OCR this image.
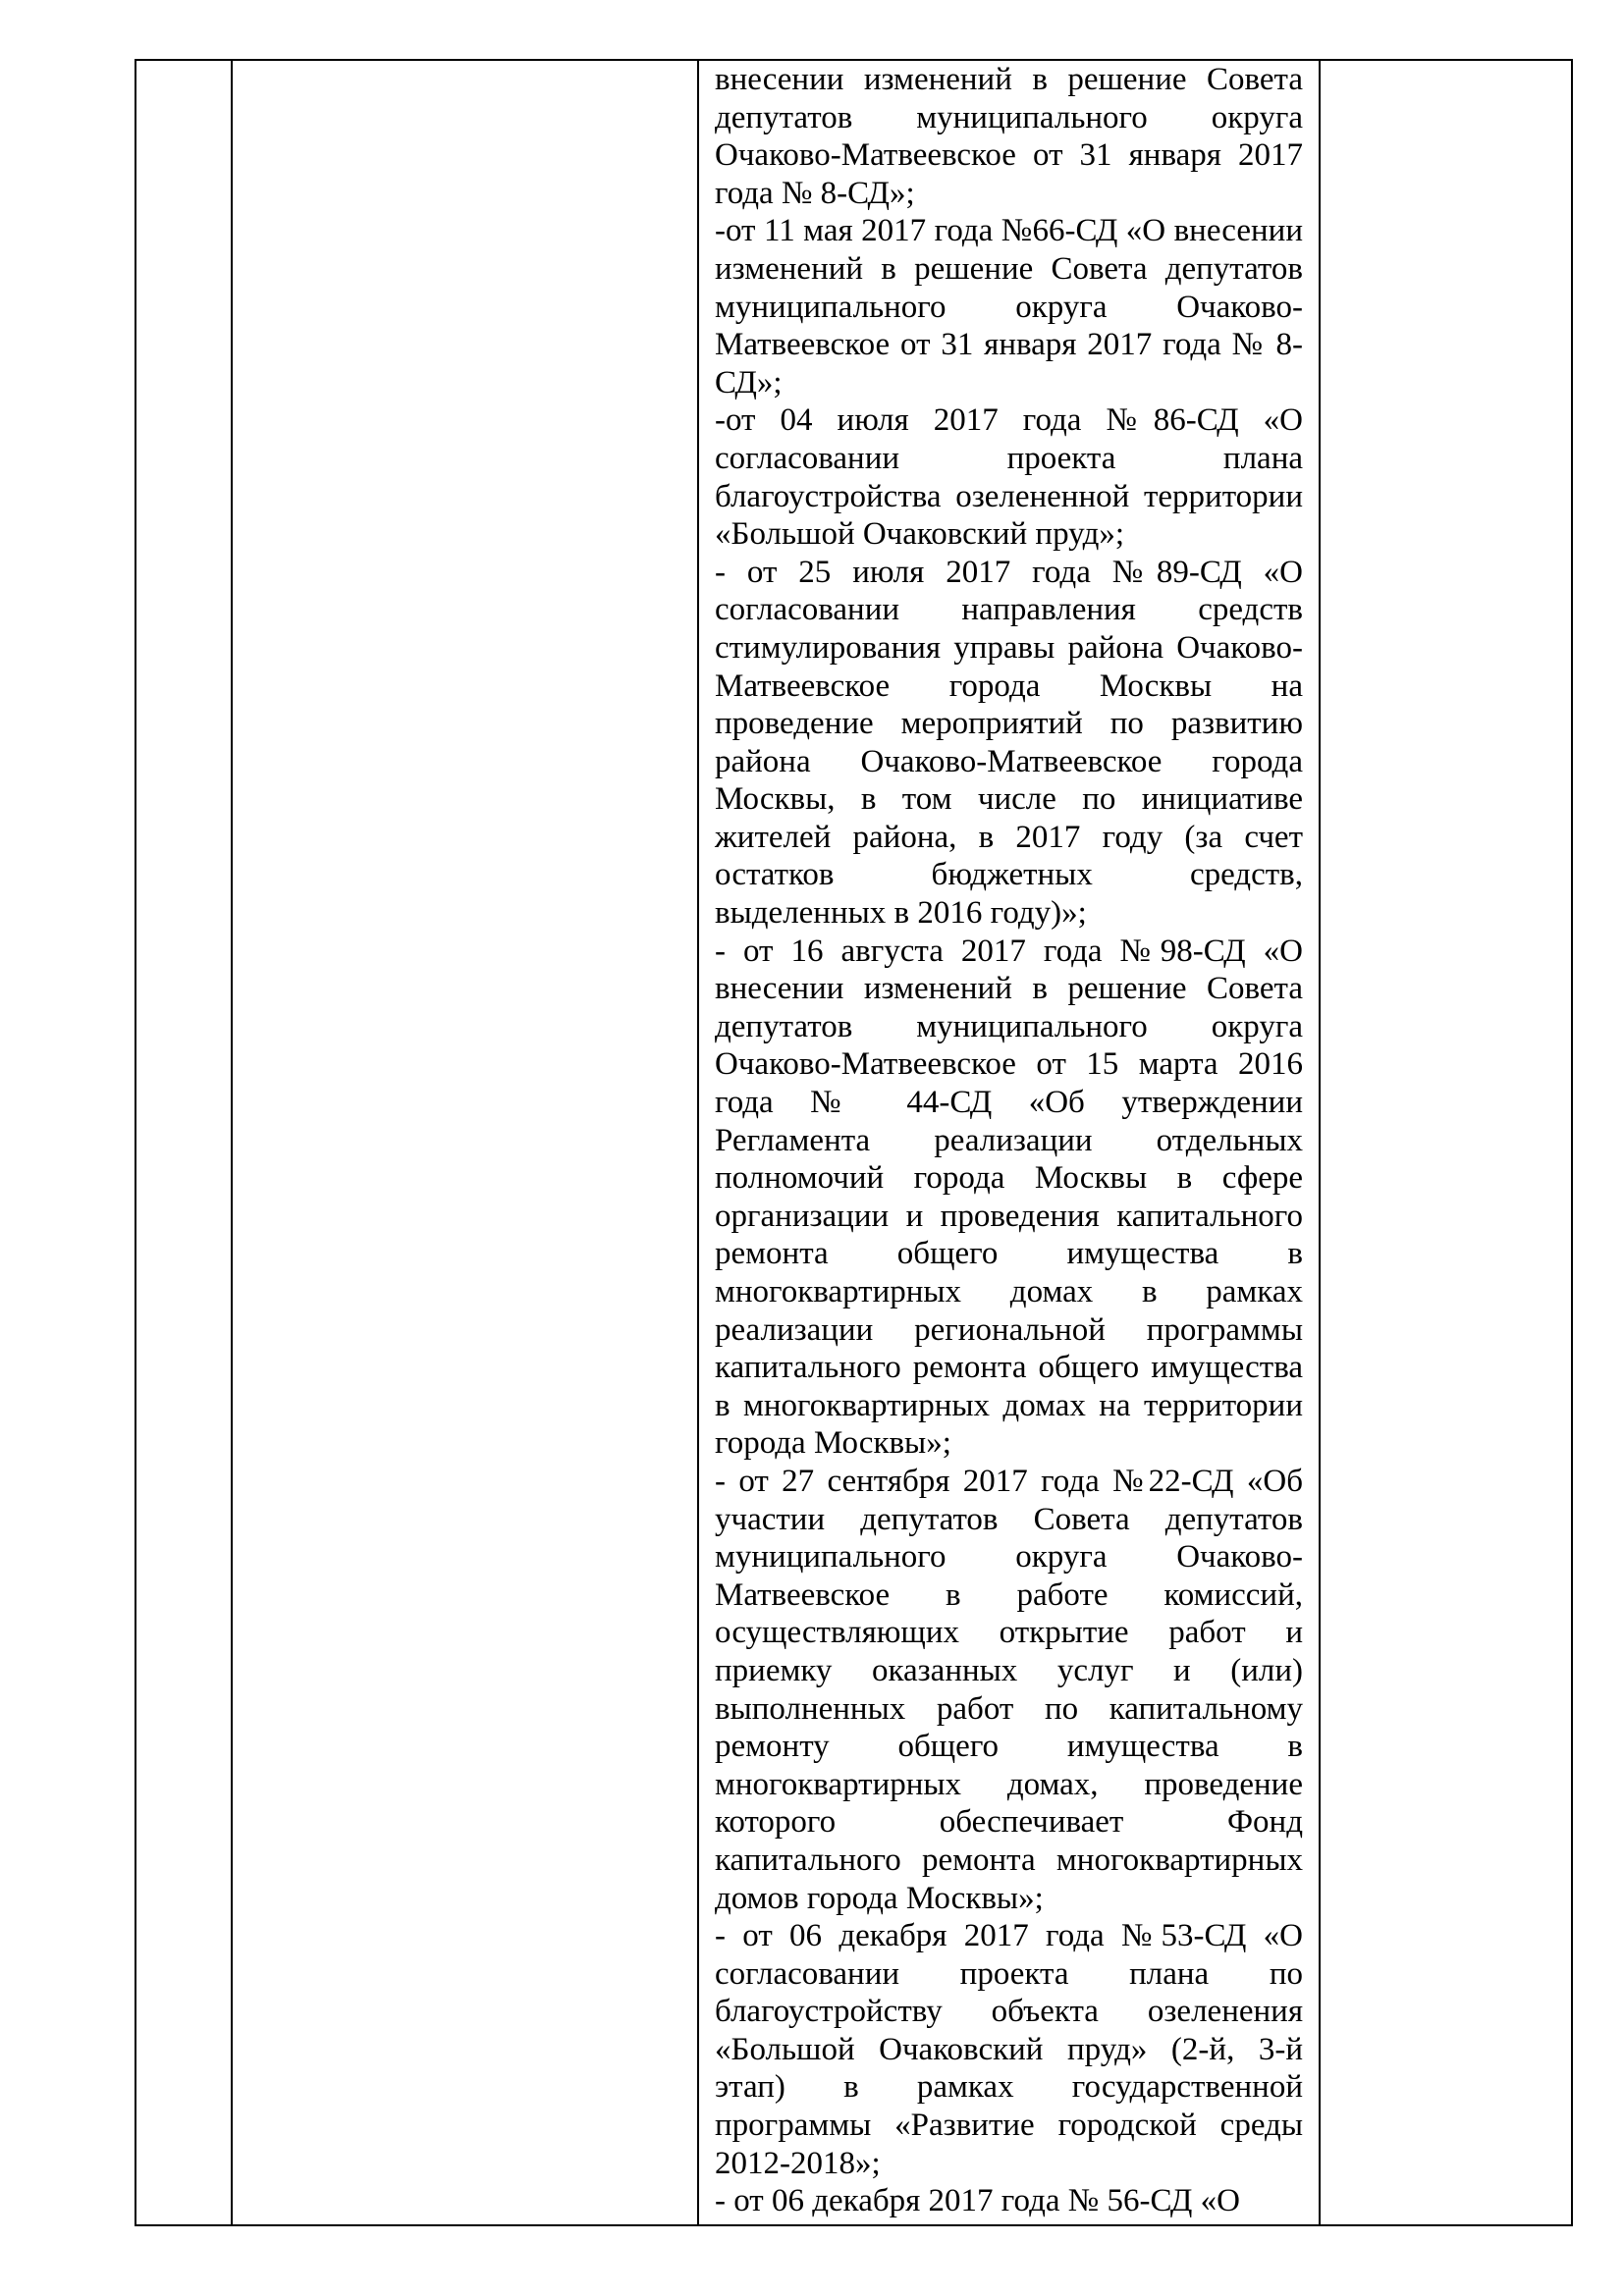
внесении изменений в решение Совета депутатов муниципального округа Очаково-Матвеевское от 31 января 2017 года № 8-СД»;

-от 11 мая 2017 года №66-СД «О внесении изменений в решение Совета депутатов муниципального округа Очаково-Матвеевское от 31 января 2017 года № 8-СД»;

-от 04 июля 2017 года №86-СД «О согласовании проекта плана благоустройства озелененной территории «Большой Очаковский пруд»;

- от 25 июля 2017 года №89-СД «О согласовании направления средств стимулирования управы района Очаково-Матвеевское города Москвы на проведение мероприятий по развитию района Очаково-Матвеевское города Москвы, в том числе по инициативе жителей района, в 2017 году (за счет остатков бюджетных средств, выделенных в 2016 году)»;

- от 16 августа 2017 года №98-СД «О внесении изменений в решение Совета депутатов муниципального округа Очаково-Матвеевское от 15 марта 2016 года № 44-СД «Об утверждении Регламента реализации отдельных полномочий города Москвы в сфере организации и проведения капитального ремонта общего имущества в многоквартирных домах в рамках реализации региональной программы капитального ремонта общего имущества в многоквартирных домах на территории города Москвы»;

- от 27 сентября 2017 года №22-СД «Об участии депутатов Совета депутатов муниципального округа Очаково-Матвеевское в работе комиссий, осуществляющих открытие работ и приемку оказанных услуг и (или) выполненных работ по капитальному ремонту общего имущества в многоквартирных домах, проведение которого обеспечивает Фонд капитального ремонта многоквартирных домов города Москвы»;

- от 06 декабря 2017 года №53-СД «О согласовании проекта плана по благоустройству объекта озеленения «Большой Очаковский пруд» (2-й, 3-й этап) в рамках государственной программы «Развитие городской среды 2012-2018»;

- от 06 декабря 2017 года № 56-СД «О
